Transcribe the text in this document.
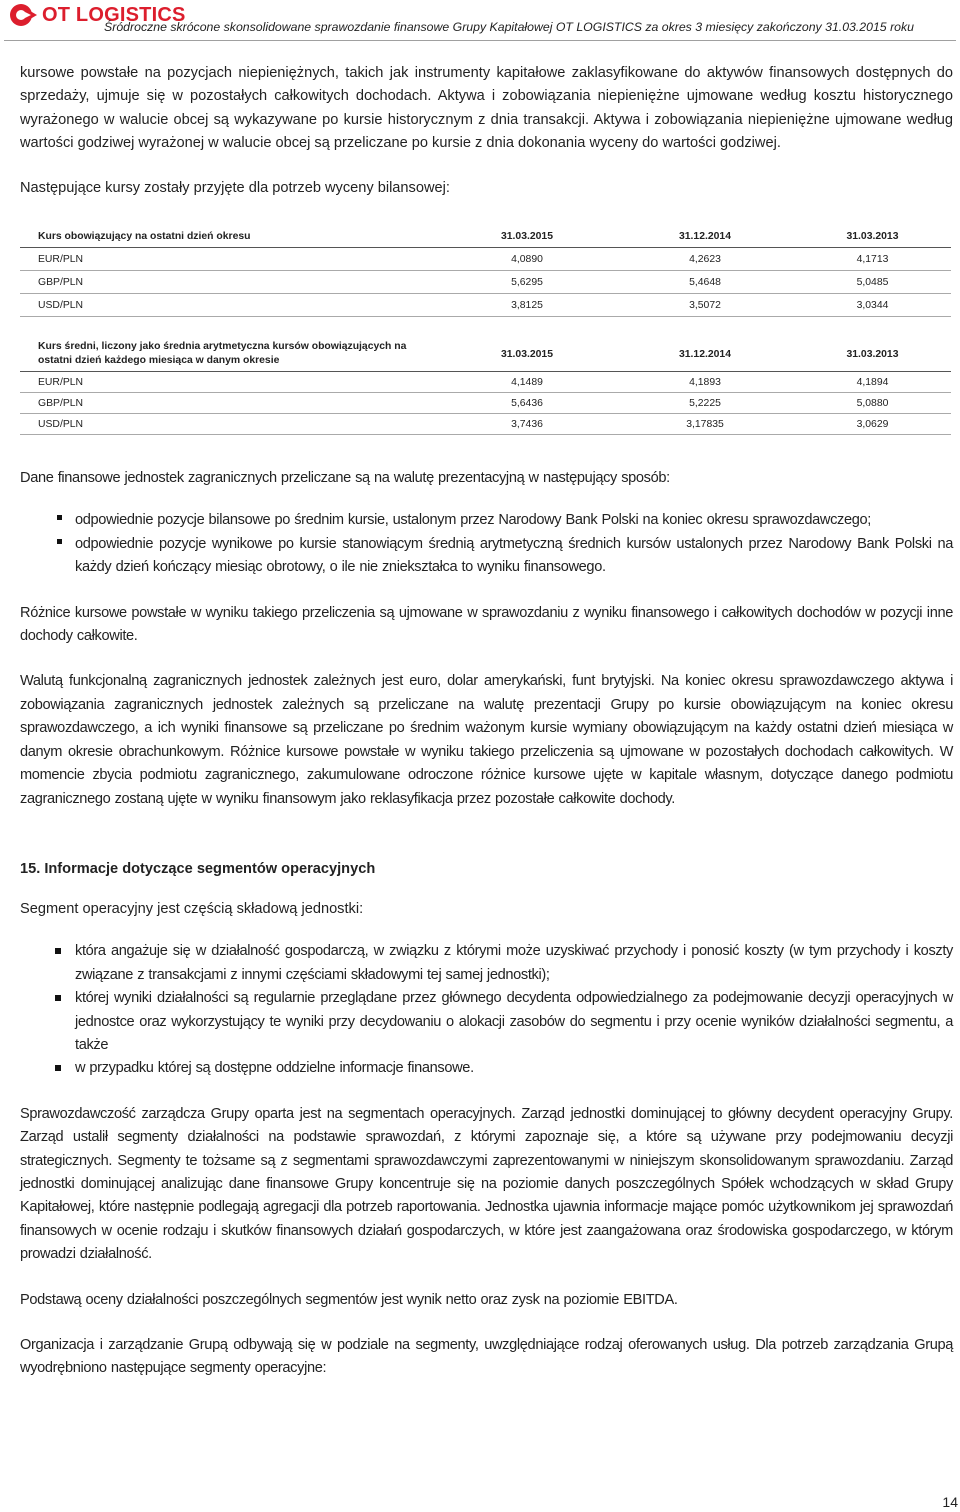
OT LOGISTICS
Śródroczne skrócone skonsolidowane sprawozdanie finansowe Grupy Kapitałowej OT LOGISTICS za okres 3 miesięcy zakończony 31.03.2015 roku

kursowe powstałe na pozycjach niepieniężnych, takich jak instrumenty kapitałowe zaklasyfikowane do aktywów finansowych dostępnych do sprzedaży, ujmuje się w pozostałych całkowitych dochodach. Aktywa i zobowiązania niepieniężne ujmowane według kosztu historycznego wyrażonego w walucie obcej są wykazywane po kursie historycznym z dnia transakcji. Aktywa i zobowiązania niepieniężne ujmowane według wartości godziwej wyrażonej w walucie obcej są przeliczane po kursie z dnia dokonania wyceny do wartości godziwej.

Następujące kursy zostały przyjęte dla potrzeb wyceny bilansowej:

Kurs obowiązujący na ostatni dzień okresu	31.03.2015	31.12.2014	31.03.2013
EUR/PLN	4,0890	4,2623	4,1713
GBP/PLN	5,6295	5,4648	5,0485
USD/PLN	3,8125	3,5072	3,0344
Kurs średni, liczony jako średnia arytmetyczna kursów obowiązujących na ostatni dzień każdego miesiąca w danym okresie	31.03.2015	31.12.2014	31.03.2013
EUR/PLN	4,1489	4,1893	4,1894
GBP/PLN	5,6436	5,2225	5,0880
USD/PLN	3,7436	3,17835	3,0629

Dane finansowe jednostek zagranicznych przeliczane są na walutę prezentacyjną w następujący sposób:

odpowiednie pozycje bilansowe po średnim kursie, ustalonym przez Narodowy Bank Polski na koniec okresu sprawozdawczego;
odpowiednie pozycje wynikowe po kursie stanowiącym średnią arytmetyczną średnich kursów ustalonych przez Narodowy Bank Polski na każdy dzień kończący miesiąc obrotowy, o ile nie zniekształca to wyniku finansowego.

Różnice kursowe powstałe w wyniku takiego przeliczenia są ujmowane w sprawozdaniu z wyniku finansowego i całkowitych dochodów w pozycji inne dochody całkowite.

Walutą funkcjonalną zagranicznych jednostek zależnych jest euro, dolar amerykański, funt brytyjski. Na koniec okresu sprawozdawczego aktywa i zobowiązania zagranicznych jednostek zależnych są przeliczane na walutę prezentacji Grupy po kursie obowiązującym na koniec okresu sprawozdawczego, a ich wyniki finansowe są przeliczane po średnim ważonym kursie wymiany obowiązującym na każdy ostatni dzień miesiąca w danym okresie obrachunkowym. Różnice kursowe powstałe w wyniku takiego przeliczenia są ujmowane w pozostałych dochodach całkowitych. W momencie zbycia podmiotu zagranicznego, zakumulowane odroczone różnice kursowe ujęte w kapitale własnym, dotyczące danego podmiotu zagranicznego zostaną ujęte w wyniku finansowym jako reklasyfikacja przez pozostałe całkowite dochody.

15. Informacje dotyczące segmentów operacyjnych

Segment operacyjny jest częścią składową jednostki:

która angażuje się w działalność gospodarczą, w związku z którymi może uzyskiwać przychody i ponosić koszty (w tym przychody i koszty związane z transakcjami z innymi częściami składowymi tej samej jednostki);
której wyniki działalności są regularnie przeglądane przez głównego decydenta odpowiedzialnego za podejmowanie decyzji operacyjnych w jednostce oraz wykorzystujący te wyniki przy decydowaniu o alokacji zasobów do segmentu i przy ocenie wyników działalności segmentu, a także
w przypadku której są dostępne oddzielne informacje finansowe.

Sprawozdawczość zarządcza Grupy oparta jest na segmentach operacyjnych. Zarząd jednostki dominującej to główny decydent operacyjny Grupy. Zarząd ustalił segmenty działalności na podstawie sprawozdań, z którymi zapoznaje się, a które są używane przy podejmowaniu decyzji strategicznych. Segmenty te tożsame są z segmentami sprawozdawczymi zaprezentowanymi w niniejszym skonsolidowanym sprawozdaniu. Zarząd jednostki dominującej analizując dane finansowe Grupy koncentruje się na poziomie danych poszczególnych Spółek wchodzących w skład Grupy Kapitałowej, które następnie podlegają agregacji dla potrzeb raportowania. Jednostka ujawnia informacje mające pomóc użytkownikom jej sprawozdań finansowych w ocenie rodzaju i skutków finansowych działań gospodarczych, w które jest zaangażowana oraz środowiska gospodarczego, w którym prowadzi działalność.

Podstawą oceny działalności poszczególnych segmentów jest wynik netto oraz zysk na poziomie EBITDA.

Organizacja i zarządzanie Grupą odbywają się w podziale na segmenty, uwzględniające rodzaj oferowanych usług. Dla potrzeb zarządzania Grupą wyodrębniono następujące segmenty operacyjne:

14
